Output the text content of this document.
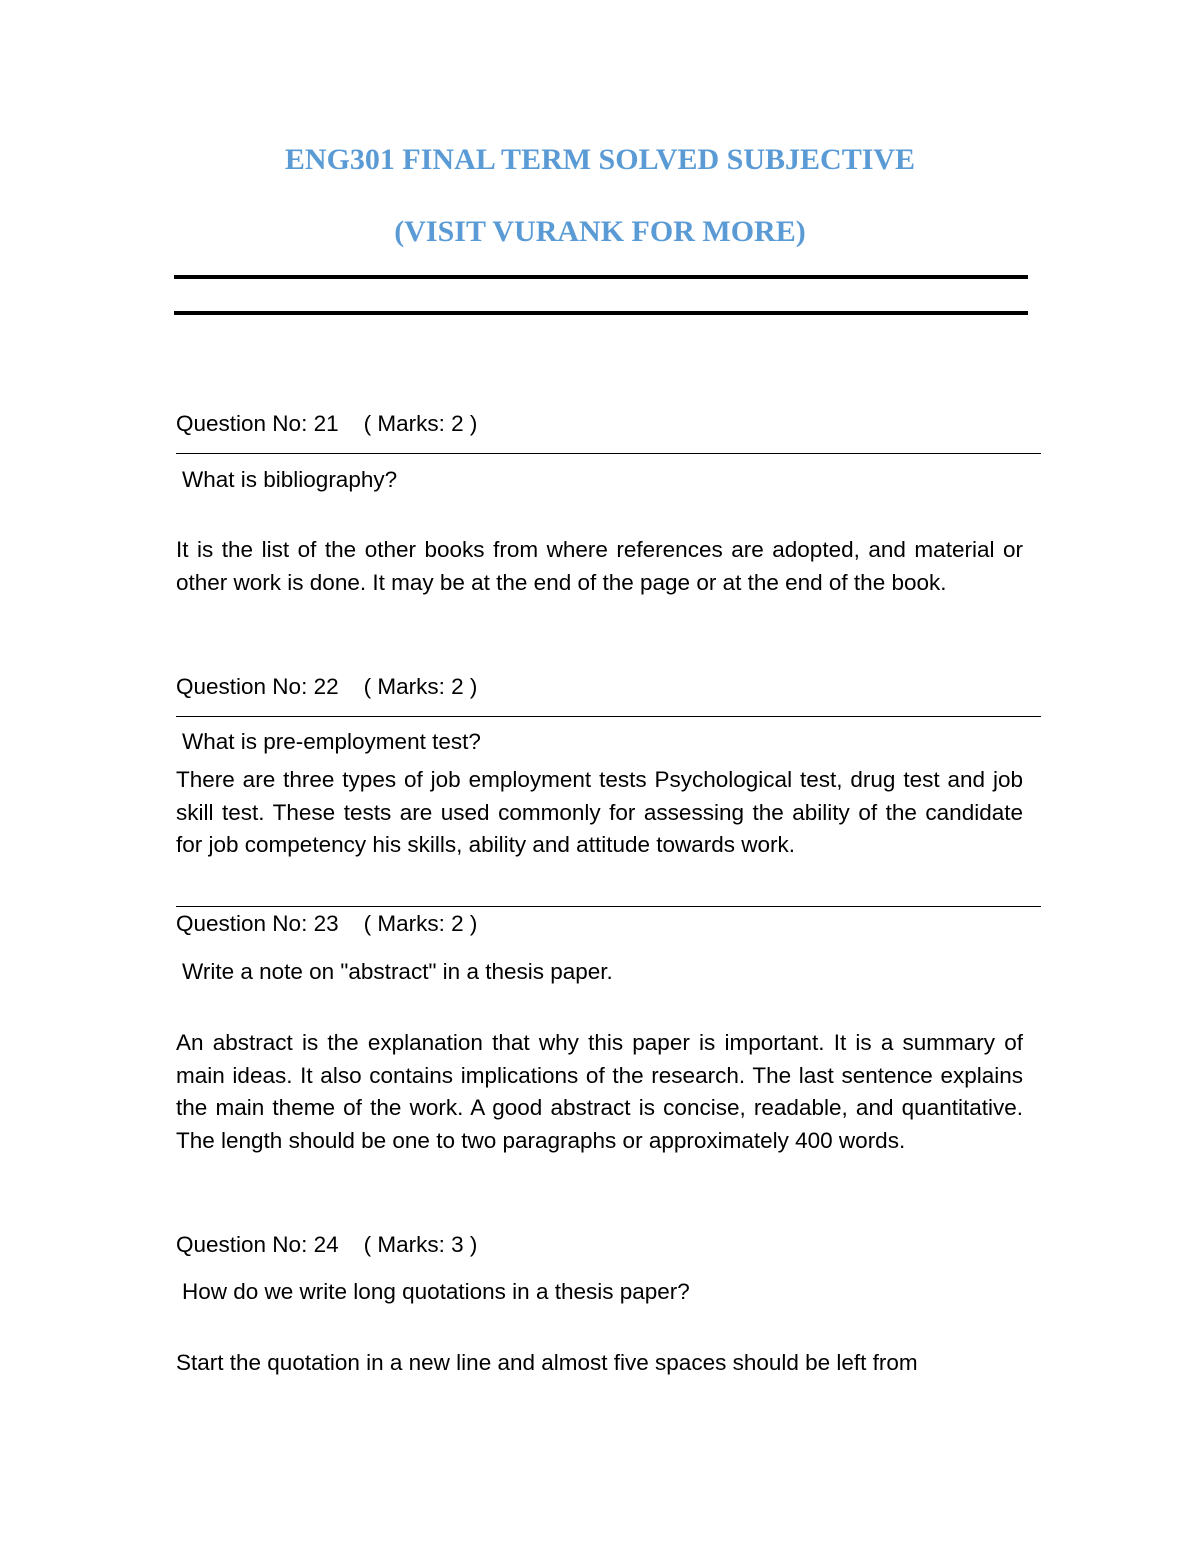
ENG301 FINAL TERM SOLVED SUBJECTIVE
(VISIT VURANK FOR MORE)

Question No: 21    ( Marks: 2 )

What is bibliography?

It is the list of the other books from where references are adopted, and material or other work is done. It may be at the end of the page or at the end of the book.

Question No: 22    ( Marks: 2 )

What is pre-employment test?

There are three types of job employment tests Psychological test, drug test and job skill test. These tests are used commonly for assessing the ability of the candidate for job competency his skills, ability and attitude towards work.

Question No: 23    ( Marks: 2 )

Write a note on "abstract" in a thesis paper.

An abstract is the explanation that why this paper is important. It is a summary of main ideas. It also contains implications of the research. The last sentence explains the main theme of the work. A good abstract is concise, readable, and quantitative. The length should be one to two paragraphs or approximately 400 words.

Question No: 24    ( Marks: 3 )

How do we write long quotations in a thesis paper?

Start the quotation in a new line and almost five spaces should be left from
